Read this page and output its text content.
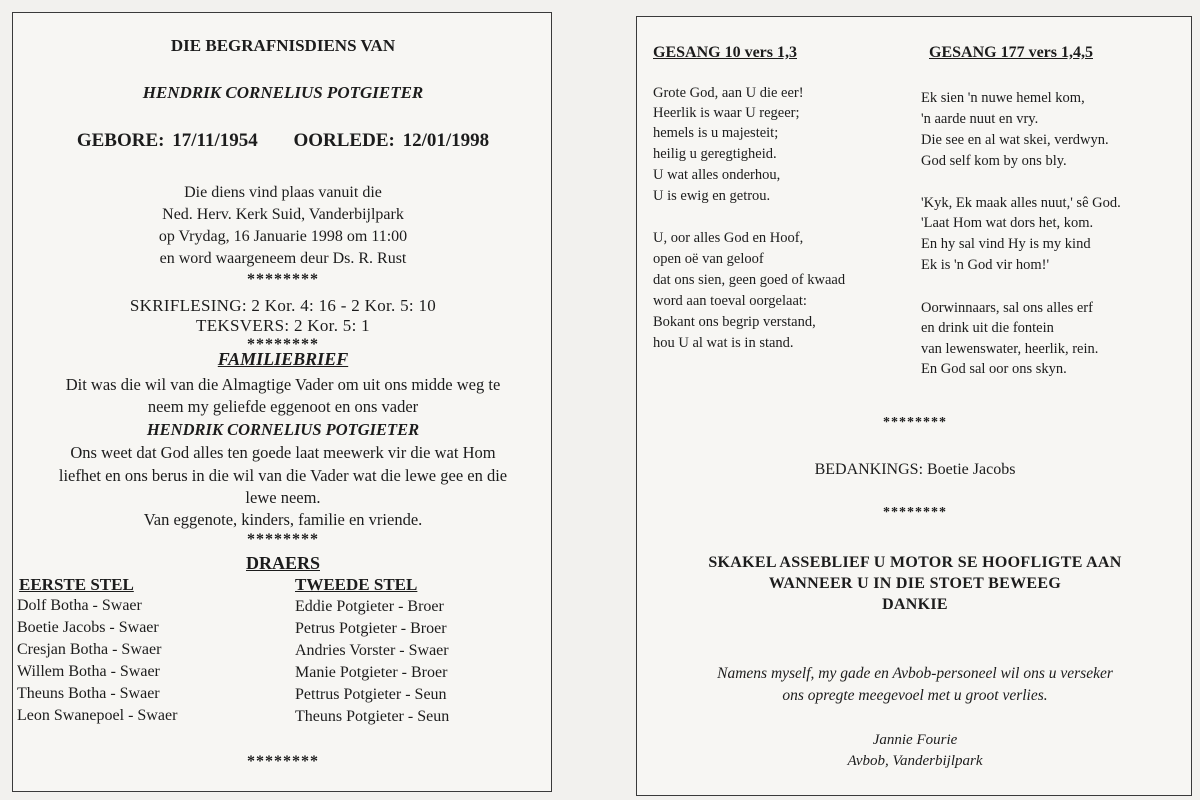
DIE BEGRAFNISDIENS VAN
HENDRIK CORNELIUS POTGIETER
GEBORE: 17/11/1954 OORLEDE: 12/01/1998
Die diens vind plaas vanuit die
Ned. Herv. Kerk Suid, Vanderbijlpark
op Vrydag, 16 Januarie 1998 om 11:00
en word waargeneem deur Ds. R. Rust
********
SKRIFLESING: 2 Kor. 4: 16 - 2 Kor. 5: 10
TEKSVERS: 2 Kor. 5: 1
********
FAMILIEBRIEF
Dit was die wil van die Almagtige Vader om uit ons midde weg te
neem my geliefde eggenoot en ons vader
HENDRIK CORNELIUS POTGIETER
Ons weet dat God alles ten goede laat meewerk vir die wat Hom
liefhet en ons berus in die wil van die Vader wat die lewe gee en die
lewe neem.
Van eggenote, kinders, familie en vriende.
********
DRAERS
EERSTE STEL	TWEEDE STEL
Dolf Botha - Swaer
Boetie Jacobs - Swaer
Cresjan Botha - Swaer
Willem Botha - Swaer
Theuns Botha - Swaer
Leon Swanepoel - Swaer
Eddie Potgieter - Broer
Petrus Potgieter - Broer
Andries Vorster - Swaer
Manie Potgieter - Broer
Pettrus Potgieter - Seun
Theuns Potgieter - Seun
********
GESANG 10 vers 1,3	GESANG 177 vers 1,4,5
Grote God, aan U die eer!
Heerlik is waar U regeer;
hemels is u majesteit;
heilig u geregtigheid.
U wat alles onderhou,
U is ewig en getrou.
U, oor alles God en Hoof,
open oë van geloof
dat ons sien, geen goed of kwaad
word aan toeval oorgelaat:
Bokant ons begrip verstand,
hou U al wat is in stand.
Ek sien 'n nuwe hemel kom,
'n aarde nuut en vry.
Die see en al wat skei, verdwyn.
God self kom by ons bly.
'Kyk, Ek maak alles nuut,' sê God.
'Laat Hom wat dors het, kom.
En hy sal vind Hy is my kind
Ek is 'n God vir hom!'
Oorwinnaars, sal ons alles erf
en drink uit die fontein
van lewenswater, heerlik, rein.
En God sal oor ons skyn.
********
BEDANKINGS: Boetie Jacobs
********
SKAKEL ASSEBLIEF U MOTOR SE HOOFLIGTE AAN
WANNEER U IN DIE STOET BEWEEG
DANKIE
Namens myself, my gade en Avbob-personeel wil ons u verseker
ons opregte meegevoel met u groot verlies.
Jannie Fourie
Avbob, Vanderbijlpark
